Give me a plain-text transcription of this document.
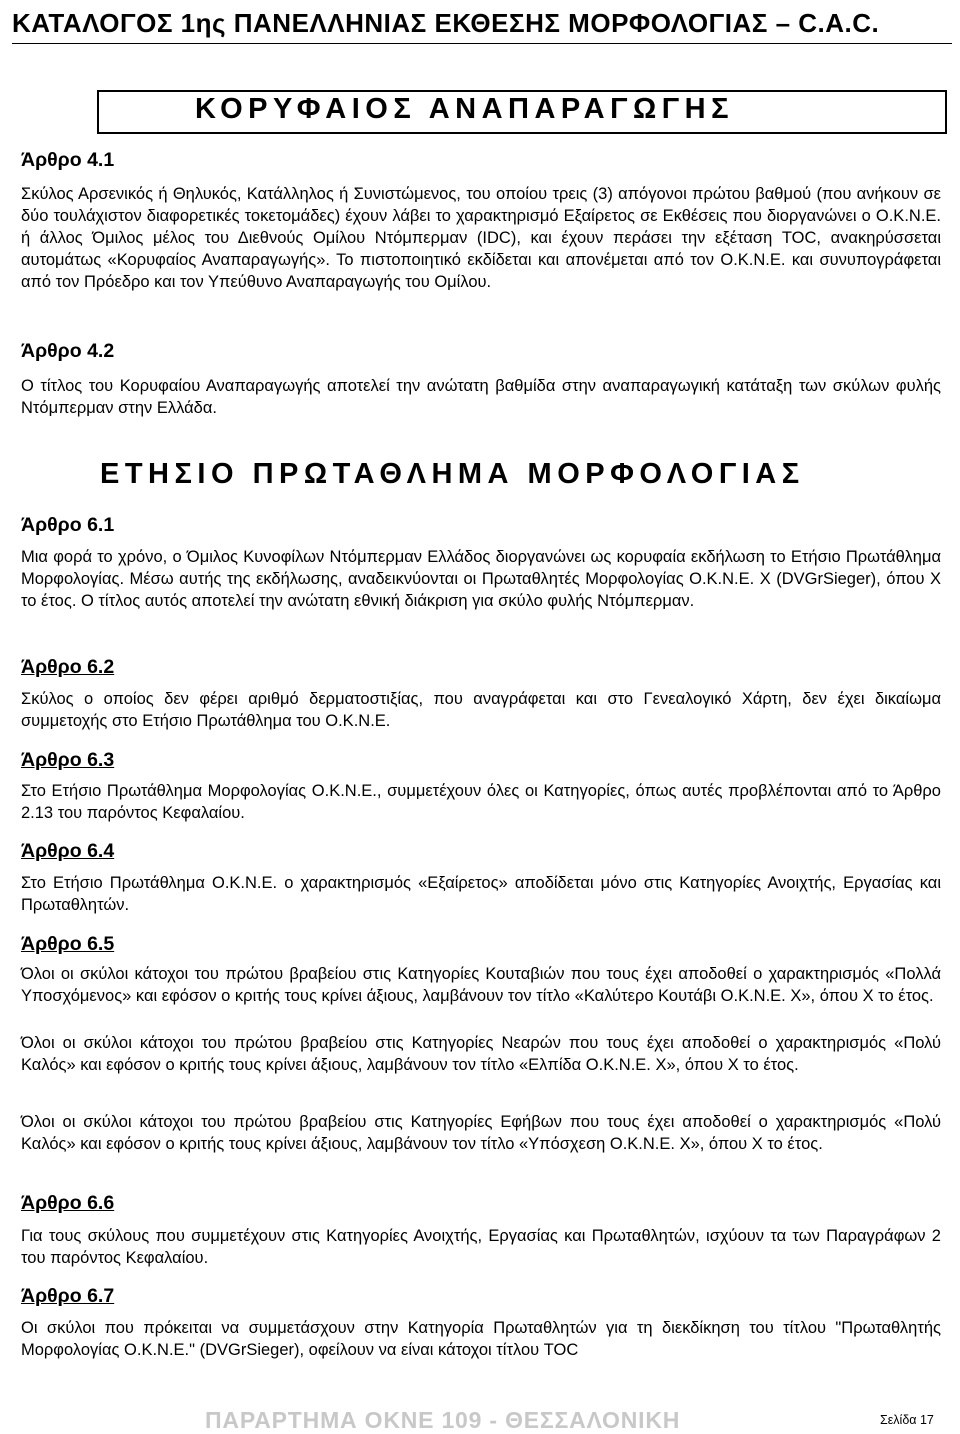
ΚΑΤΑΛΟΓΟΣ 1ης ΠΑΝΕΛΛΗΝΙΑΣ ΕΚΘΕΣΗΣ ΜΟΡΦΟΛΟΓΙΑΣ – C.A.C.
ΚΟΡΥΦΑΙΟΣ ΑΝΑΠΑΡΑΓΩΓΗΣ
Άρθρο 4.1
Σκύλος Αρσενικός ή Θηλυκός, Κατάλληλος ή Συνιστώμενος, του οποίου τρεις (3) απόγονοι πρώτου βαθμού (που ανήκουν σε δύο τουλάχιστον διαφορετικές τοκετομάδες) έχουν λάβει το χαρακτηρισμό Εξαίρετος σε Εκθέσεις που διοργανώνει ο Ο.Κ.Ν.Ε. ή άλλος Όμιλος μέλος του Διεθνούς Ομίλου Ντόμπερμαν (IDC), και έχουν περάσει την εξέταση TOC, ανακηρύσσεται αυτομάτως «Κορυφαίος Αναπαραγωγής». Το πιστοποιητικό εκδίδεται και απονέμεται από τον Ο.Κ.Ν.Ε. και συνυπογράφεται από τον Πρόεδρο και τον Υπεύθυνο Αναπαραγωγής του Ομίλου.
Άρθρο 4.2
Ο τίτλος του Κορυφαίου Αναπαραγωγής αποτελεί την ανώτατη βαθμίδα στην αναπαραγωγική κατάταξη των σκύλων φυλής Ντόμπερμαν στην Ελλάδα.
ΕΤΗΣΙΟ ΠΡΩΤΑΘΛΗΜΑ ΜΟΡΦΟΛΟΓΙΑΣ
Άρθρο 6.1
Μια φορά το χρόνο, ο Όμιλος Κυνοφίλων Ντόμπερμαν Ελλάδος διοργανώνει ως κορυφαία εκδήλωση το Ετήσιο Πρωτάθλημα Μορφολογίας. Μέσω αυτής της εκδήλωσης, αναδεικνύονται οι Πρωταθλητές Μορφολογίας Ο.Κ.Ν.Ε. Χ (DVGrSieger), όπου Χ το έτος. Ο τίτλος αυτός αποτελεί την ανώτατη εθνική διάκριση για σκύλο φυλής Ντόμπερμαν.
Άρθρο 6.2
Σκύλος ο οποίος δεν φέρει αριθμό δερματοστιξίας, που αναγράφεται και στο Γενεαλογικό Χάρτη, δεν έχει δικαίωμα συμμετοχής στο Ετήσιο Πρωτάθλημα του Ο.Κ.Ν.Ε.
Άρθρο 6.3
Στο Ετήσιο Πρωτάθλημα Μορφολογίας Ο.Κ.Ν.Ε., συμμετέχουν όλες οι Κατηγορίες, όπως αυτές προβλέπονται από το Άρθρο 2.13 του παρόντος Κεφαλαίου.
Άρθρο 6.4
Στο Ετήσιο Πρωτάθλημα Ο.Κ.Ν.Ε. ο χαρακτηρισμός «Εξαίρετος» αποδίδεται μόνο στις Κατηγορίες Ανοιχτής, Εργασίας και Πρωταθλητών.
Άρθρο 6.5
Όλοι οι σκύλοι κάτοχοι του πρώτου βραβείου στις Κατηγορίες Κουταβιών που τους έχει αποδοθεί ο χαρακτηρισμός «Πολλά Υποσχόμενος» και εφόσον ο κριτής τους κρίνει άξιους, λαμβάνουν τον τίτλο «Καλύτερο Κουτάβι Ο.Κ.Ν.Ε. Χ», όπου Χ το έτος.
Όλοι οι σκύλοι κάτοχοι του πρώτου βραβείου στις Κατηγορίες Νεαρών που τους έχει αποδοθεί ο χαρακτηρισμός «Πολύ Καλός» και εφόσον ο κριτής τους κρίνει άξιους, λαμβάνουν τον τίτλο «Ελπίδα Ο.Κ.Ν.Ε. Χ», όπου Χ το έτος.
Όλοι οι σκύλοι κάτοχοι του πρώτου βραβείου στις Κατηγορίες Εφήβων που τους έχει αποδοθεί ο χαρακτηρισμός «Πολύ Καλός» και εφόσον ο κριτής τους κρίνει άξιους, λαμβάνουν τον τίτλο «Υπόσχεση Ο.Κ.Ν.Ε. Χ», όπου Χ το έτος.
Άρθρο 6.6
Για τους σκύλους που συμμετέχουν στις Κατηγορίες Ανοιχτής, Εργασίας και Πρωταθλητών, ισχύουν τα των Παραγράφων 2 του παρόντος Κεφαλαίου.
Άρθρο 6.7
Οι σκύλοι που πρόκειται να συμμετάσχουν στην Κατηγορία Πρωταθλητών για τη διεκδίκηση του τίτλου "Πρωταθλητής Μορφολογίας Ο.Κ.Ν.Ε." (DVGrSieger), οφείλουν να είναι κάτοχοι τίτλου TOC
ΠΑΡΑΡΤΗΜΑ ΟΚΝΕ 109 - ΘΕΣΣΑΛΟΝΙΚΗ	Σελίδα 17
